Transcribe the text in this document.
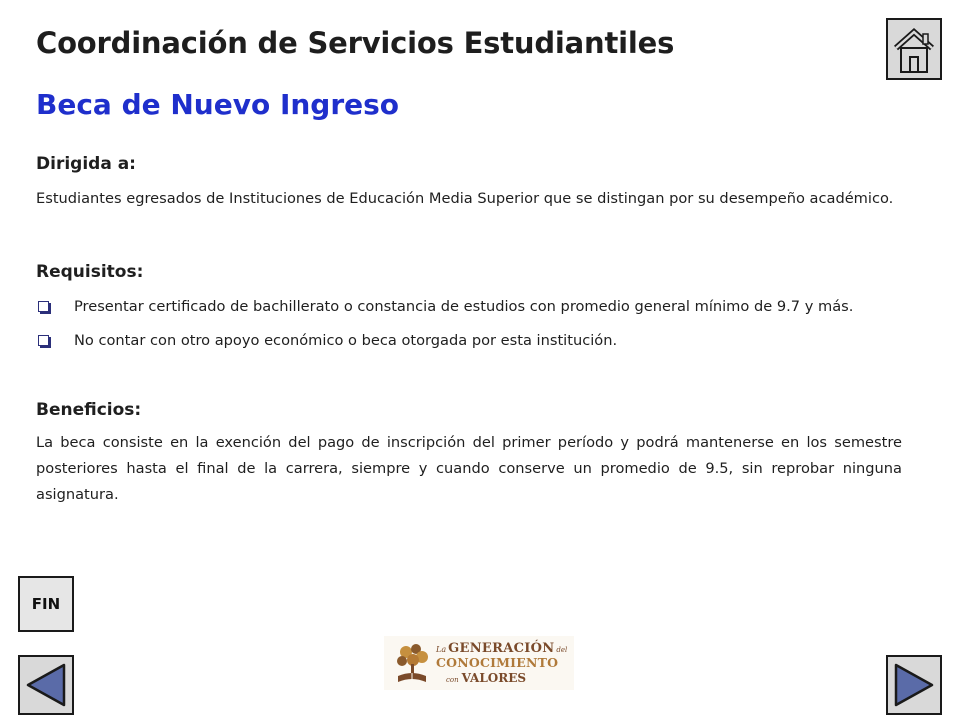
Coordinación de Servicios Estudiantiles
Beca de Nuevo Ingreso
Dirigida a:
Estudiantes egresados de Instituciones de Educación Media Superior que se distingan por su desempeño académico.
Requisitos:
Presentar certificado de bachillerato o constancia de estudios con promedio general mínimo de 9.7 y más.
No contar con otro apoyo económico o beca otorgada por esta institución.
Beneficios:
La beca consiste en la exención del pago de inscripción del primer período y podrá mantenerse en los semestre posteriores hasta el final de la carrera, siempre y cuando conserve un promedio de 9.5, sin reprobar ninguna asignatura.
FIN
La GENERACIÓN del
CONOCIMIENTO
con VALORES
